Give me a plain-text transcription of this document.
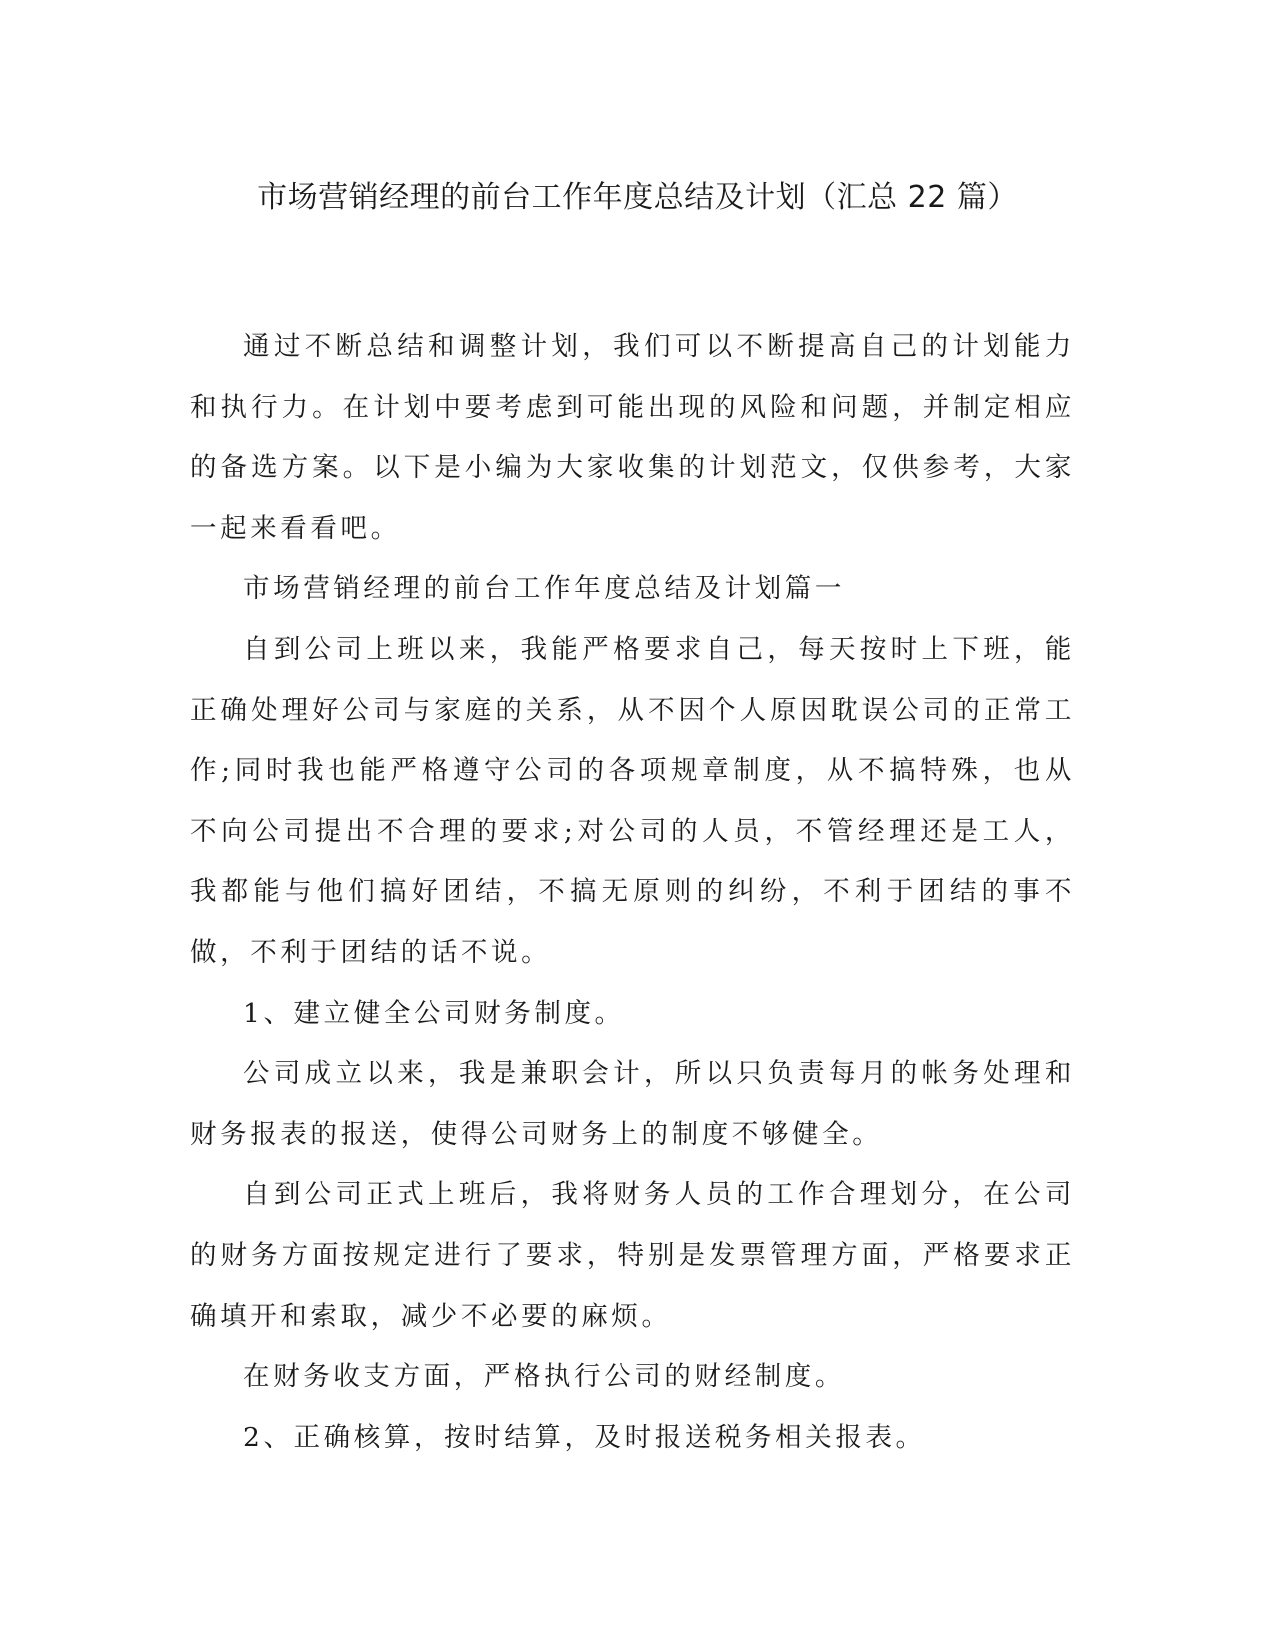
市场营销经理的前台工作年度总结及计划（汇总 22 篇）

通过不断总结和调整计划，我们可以不断提高自己的计划能力和执行力。在计划中要考虑到可能出现的风险和问题，并制定相应的备选方案。以下是小编为大家收集的计划范文，仅供参考，大家一起来看看吧。

市场营销经理的前台工作年度总结及计划篇一

自到公司上班以来，我能严格要求自己，每天按时上下班，能正确处理好公司与家庭的关系，从不因个人原因耽误公司的正常工作;同时我也能严格遵守公司的各项规章制度，从不搞特殊，也从不向公司提出不合理的要求;对公司的人员，不管经理还是工人，我都能与他们搞好团结，不搞无原则的纠纷，不利于团结的事不做，不利于团结的话不说。

1、建立健全公司财务制度。

公司成立以来，我是兼职会计，所以只负责每月的帐务处理和财务报表的报送，使得公司财务上的制度不够健全。

自到公司正式上班后，我将财务人员的工作合理划分，在公司的财务方面按规定进行了要求，特别是发票管理方面，严格要求正确填开和索取，减少不必要的麻烦。

在财务收支方面，严格执行公司的财经制度。

2、正确核算，按时结算，及时报送税务相关报表。
